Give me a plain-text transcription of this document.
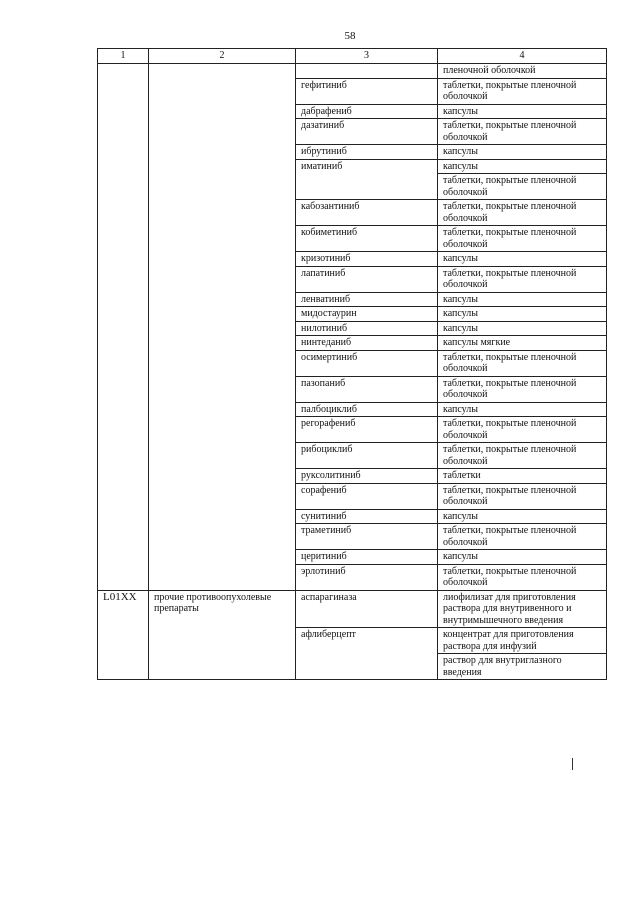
58
1	2	3	4
			пленочной оболочкой
		гефитиниб	таблетки, покрытые пленочной оболочкой
		дабрафениб	капсулы
		дазатиниб	таблетки, покрытые пленочной оболочкой
		ибрутиниб	капсулы
		иматиниб	капсулы
			таблетки, покрытые пленочной оболочкой
		кабозантиниб	таблетки, покрытые пленочной оболочкой
		кобиметиниб	таблетки, покрытые пленочной оболочкой
		кризотиниб	капсулы
		лапатиниб	таблетки, покрытые пленочной оболочкой
		ленватиниб	капсулы
		мидостаурин	капсулы
		нилотиниб	капсулы
		нинтеданиб	капсулы мягкие
		осимертиниб	таблетки, покрытые пленочной оболочкой
		пазопаниб	таблетки, покрытые пленочной оболочкой
		палбоциклиб	капсулы
		регорафениб	таблетки, покрытые пленочной оболочкой
		рибоциклиб	таблетки, покрытые пленочной оболочкой
		руксолитиниб	таблетки
		сорафениб	таблетки, покрытые пленочной оболочкой
		сунитиниб	капсулы
		траметиниб	таблетки, покрытые пленочной оболочкой
		церитиниб	капсулы
		эрлотиниб	таблетки, покрытые пленочной оболочкой
L01XX	прочие противоопухолевые препараты	аспарагиназа	лиофилизат для приготовления раствора для внутривенного и внутримышечного введения
		афлиберцепт	концентрат для приготовления раствора для инфузий
			раствор для внутриглазного введения
